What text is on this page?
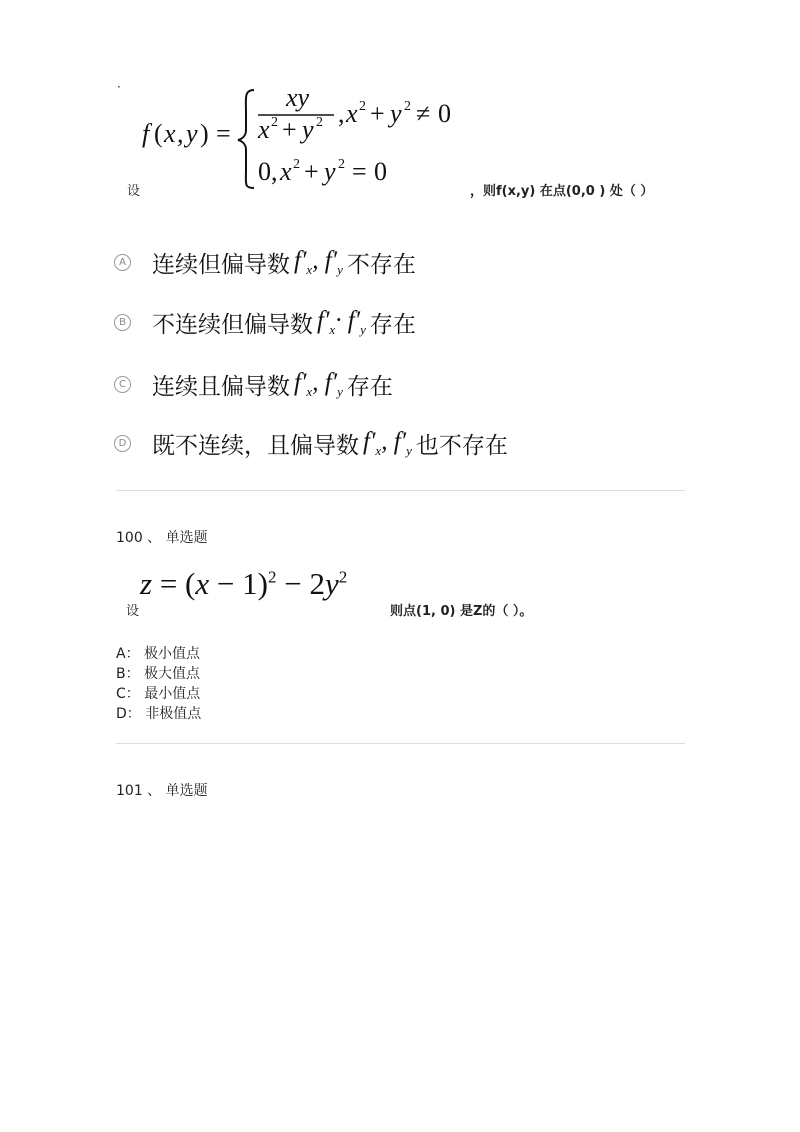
·
设
f ( x , y ) =
xy
x 2 + y 2 , x 2 + y 2 ≠ 0
0, x 2 + y 2 = 0
，则f(x,y) 在点(0,0 ) 处（ ）
A 连续但偏导数 $f'_x$, $f'_y$ 不存在
B 不连续但偏导数 $f'_x\cdot f'_y$ 存在
C 连续且偏导数 $f'_x$, $f'_y$ 存在
D 既不连续，且偏导数 $f'_x$, $f'_y$ 也不存在
100 、 单选题
设
$z = (x - 1)^2 - 2y^2$
则点(1, 0) 是Z的（ ）。
A： 极小值点
B： 极大值点
C： 最小值点
D： 非极值点
101 、 单选题
